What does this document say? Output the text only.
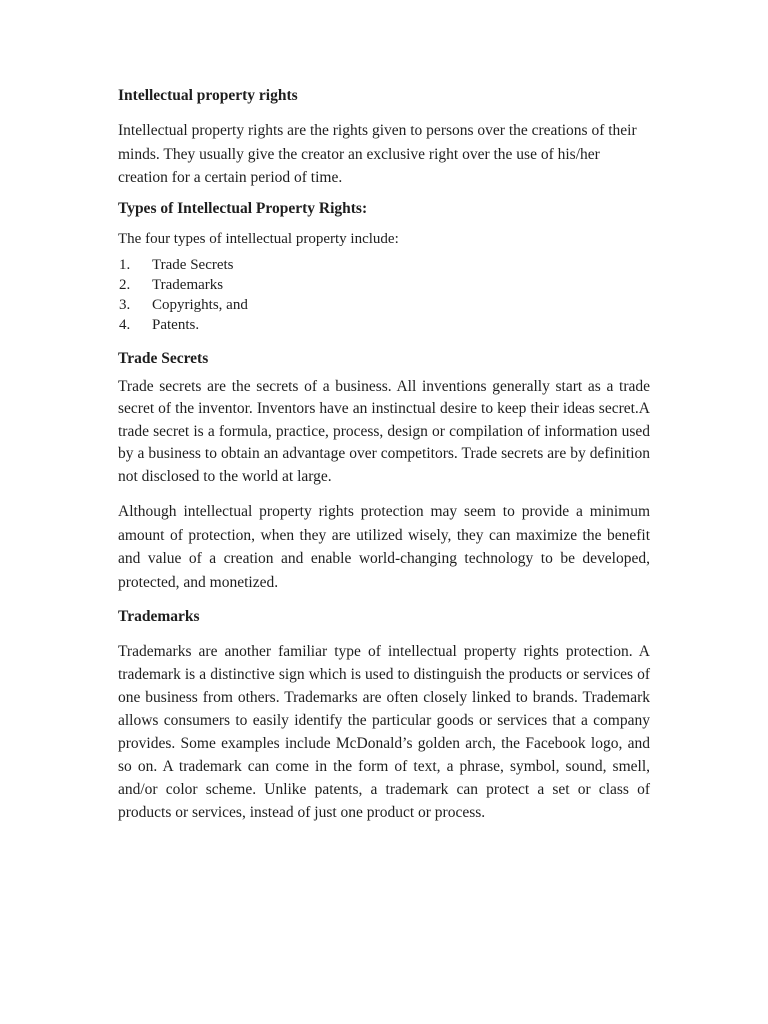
Intellectual property rights

Intellectual property rights are the rights given to persons over the creations of their minds. They usually give the creator an exclusive right over the use of his/her creation for a certain period of time.

Types of Intellectual Property Rights:

The four types of intellectual property include:

1.	Trade Secrets
2.	Trademarks
3.	Copyrights, and
4.	Patents.
Trade Secrets

Trade secrets are the secrets of a business. All inventions generally start as a trade secret of the inventor. Inventors have an instinctual desire to keep their ideas secret.A trade secret is a formula, practice, process, design or compilation of information used by a business to obtain an advantage over competitors. Trade secrets are by definition not disclosed to the world at large.

Although intellectual property rights protection may seem to provide a minimum amount of protection, when they are utilized wisely, they can maximize the benefit and value of a creation and enable world-changing technology to be developed, protected, and monetized.

Trademarks

Trademarks are another familiar type of intellectual property rights protection. A trademark is a distinctive sign which is used to distinguish the products or services of one business from others. Trademarks are often closely linked to brands. Trademark allows consumers to easily identify the particular goods or services that a company provides. Some examples include McDonald’s golden arch, the Facebook logo, and so on. A trademark can come in the form of text, a phrase, symbol, sound, smell, and/or color scheme. Unlike patents, a trademark can protect a set or class of products or services, instead of just one product or process.
